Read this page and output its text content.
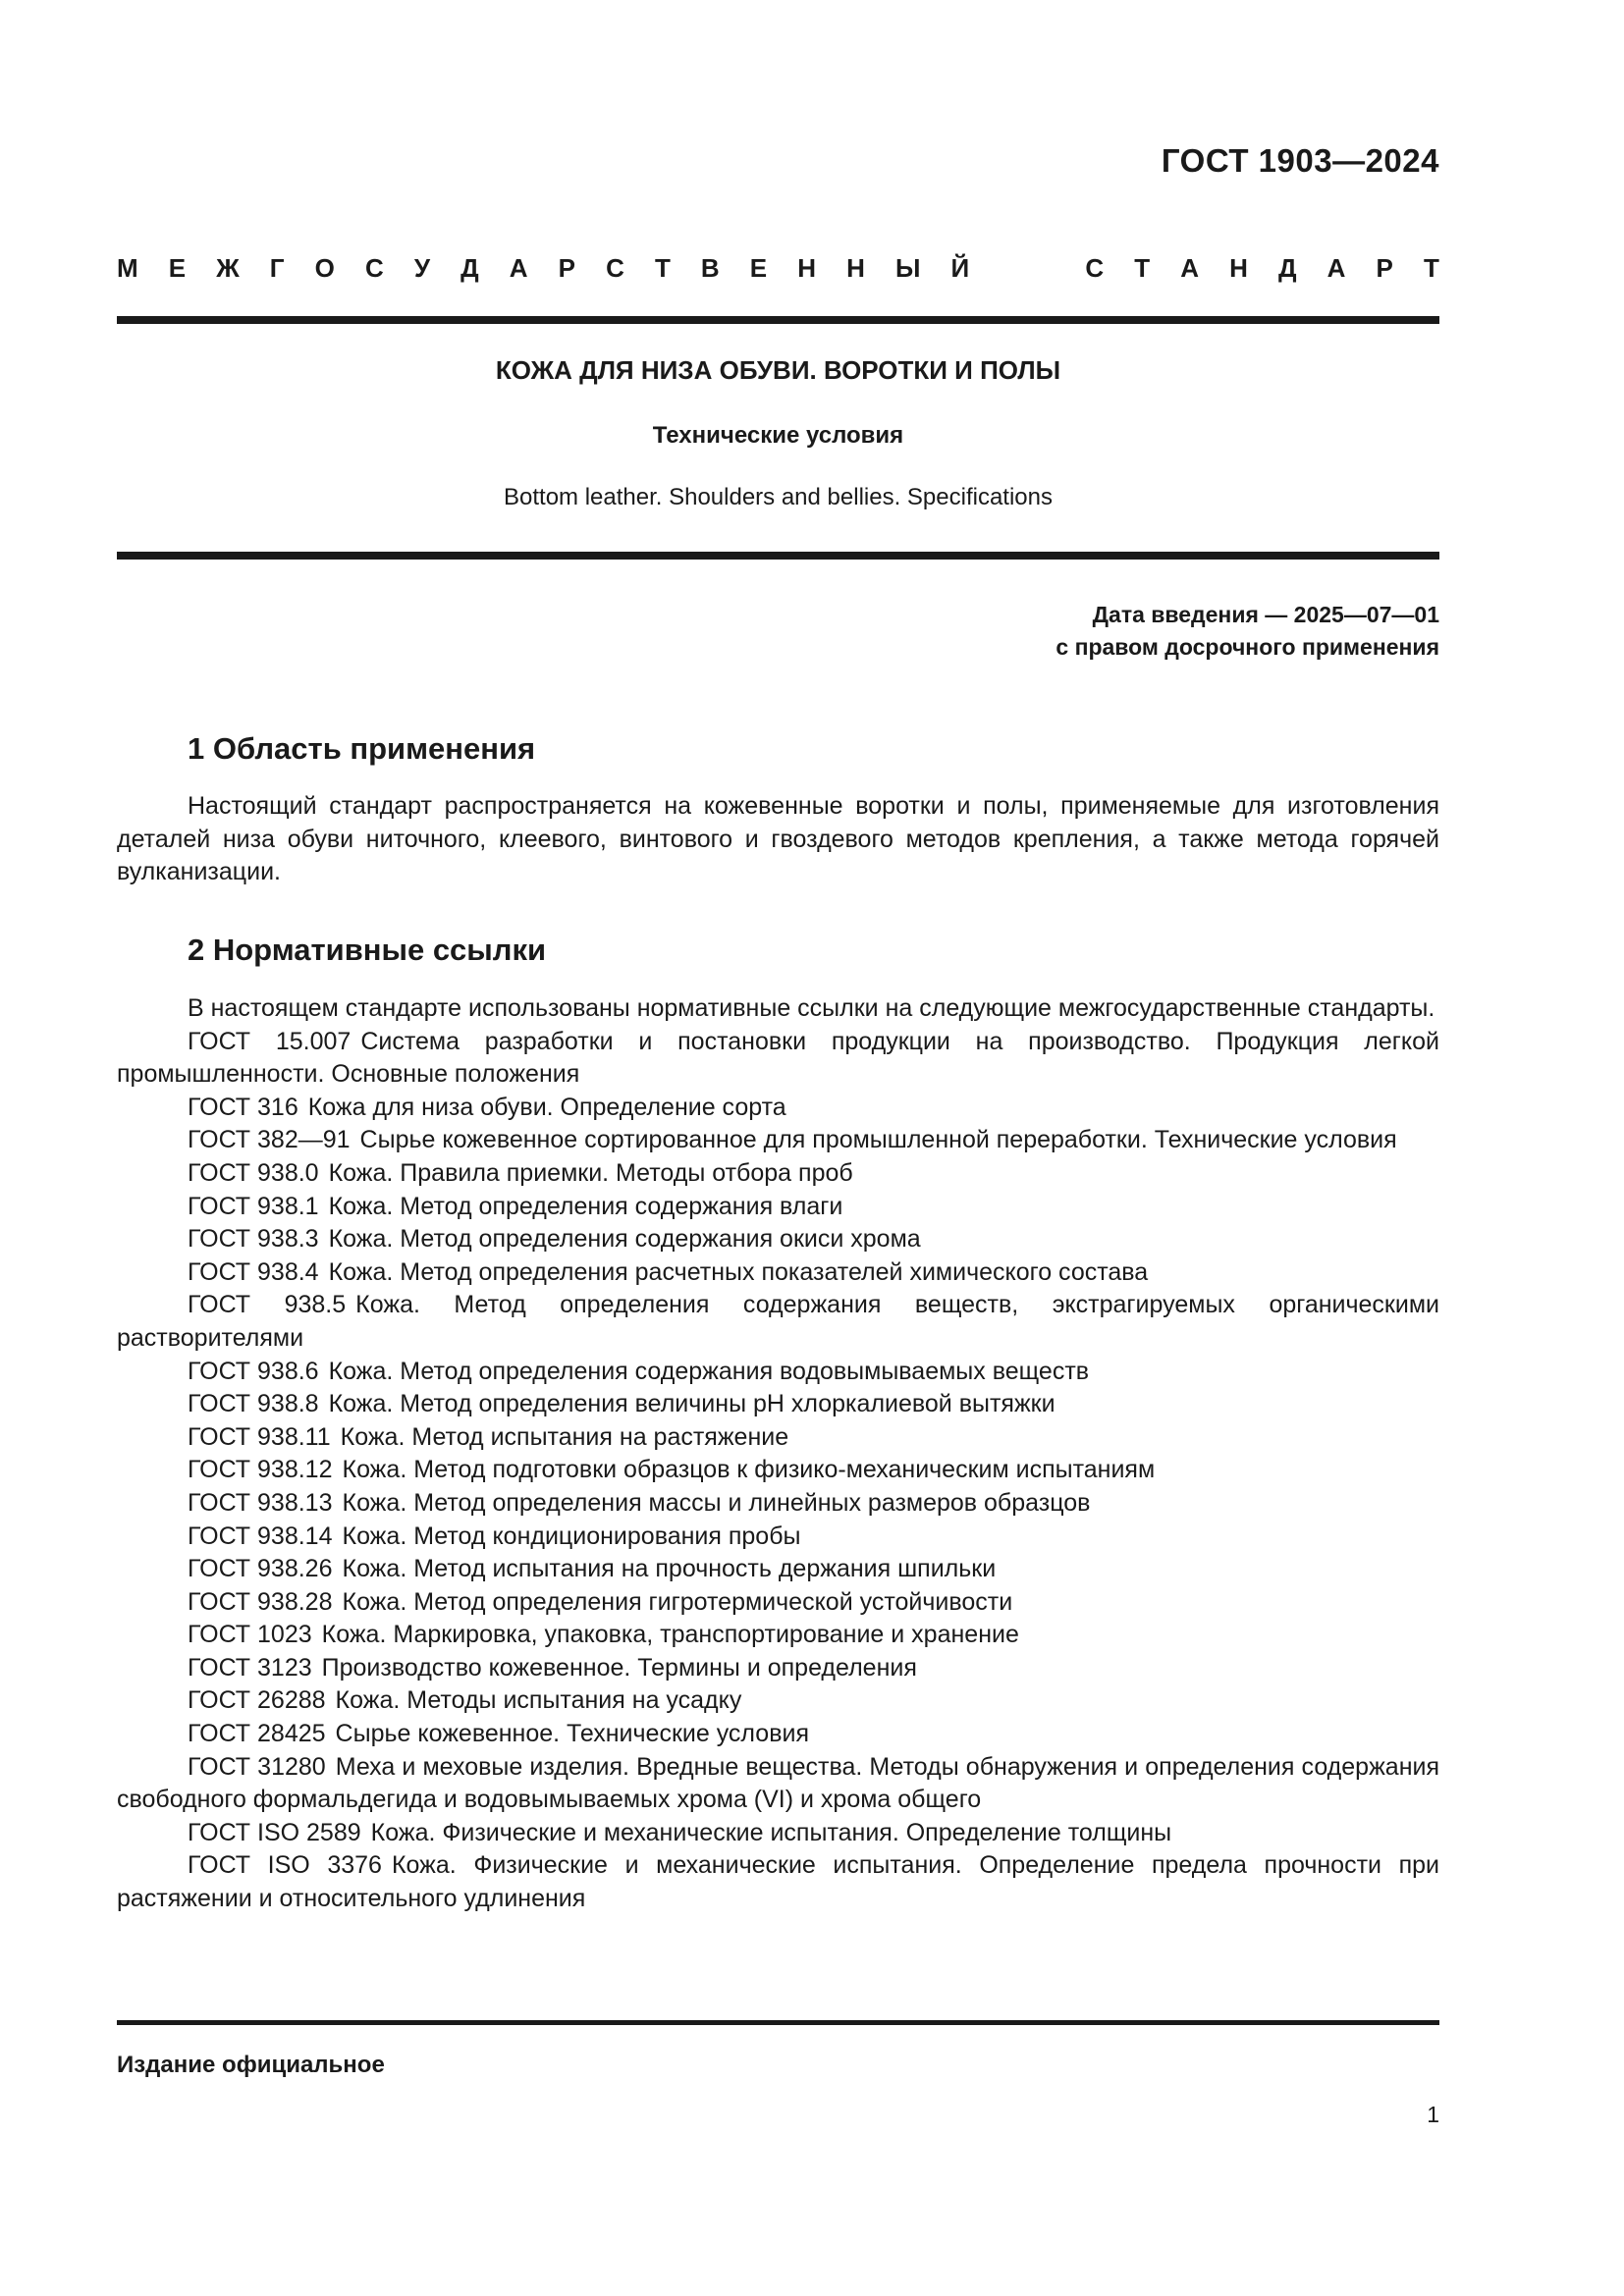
ГОСТ 1903—2024
М Е Ж Г О С У Д А Р С Т В Е Н Н Ы Й	С Т А Н Д А Р Т
КОЖА ДЛЯ НИЗА ОБУВИ. ВОРОТКИ И ПОЛЫ
Технические условия
Bottom leather. Shoulders and bellies. Specifications
Дата введения — 2025—07—01
с правом досрочного применения
1 Область применения

Настоящий стандарт распространяется на кожевенные воротки и полы, применяемые для изготовления деталей низа обуви ниточного, клеевого, винтового и гвоздевого методов крепления, а также метода горячей вулканизации.

2 Нормативные ссылки

В настоящем стандарте использованы нормативные ссылки на следующие межгосударственные стандарты.

ГОСТ 15.007 Система разработки и постановки продукции на производство. Продукция легкой промышленности. Основные положения

ГОСТ 316 Кожа для низа обуви. Определение сорта

ГОСТ 382—91 Сырье кожевенное сортированное для промышленной переработки. Технические условия

ГОСТ 938.0 Кожа. Правила приемки. Методы отбора проб

ГОСТ 938.1 Кожа. Метод определения содержания влаги

ГОСТ 938.3 Кожа. Метод определения содержания окиси хрома

ГОСТ 938.4 Кожа. Метод определения расчетных показателей химического состава

ГОСТ 938.5 Кожа. Метод определения содержания веществ, экстрагируемых органическими растворителями

ГОСТ 938.6 Кожа. Метод определения содержания водовымываемых веществ

ГОСТ 938.8 Кожа. Метод определения величины pH хлоркалиевой вытяжки

ГОСТ 938.11 Кожа. Метод испытания на растяжение

ГОСТ 938.12 Кожа. Метод подготовки образцов к физико-механическим испытаниям

ГОСТ 938.13 Кожа. Метод определения массы и линейных размеров образцов

ГОСТ 938.14 Кожа. Метод кондиционирования пробы

ГОСТ 938.26 Кожа. Метод испытания на прочность держания шпильки

ГОСТ 938.28 Кожа. Метод определения гигротермической устойчивости

ГОСТ 1023 Кожа. Маркировка, упаковка, транспортирование и хранение

ГОСТ 3123 Производство кожевенное. Термины и определения

ГОСТ 26288 Кожа. Методы испытания на усадку

ГОСТ 28425 Сырье кожевенное. Технические условия

ГОСТ 31280 Меха и меховые изделия. Вредные вещества. Методы обнаружения и определения содержания свободного формальдегида и водовымываемых хрома (VI) и хрома общего

ГОСТ ISO 2589 Кожа. Физические и механические испытания. Определение толщины

ГОСТ ISO 3376 Кожа. Физические и механические испытания. Определение предела прочности при растяжении и относительного удлинения

Издание официальное
1
